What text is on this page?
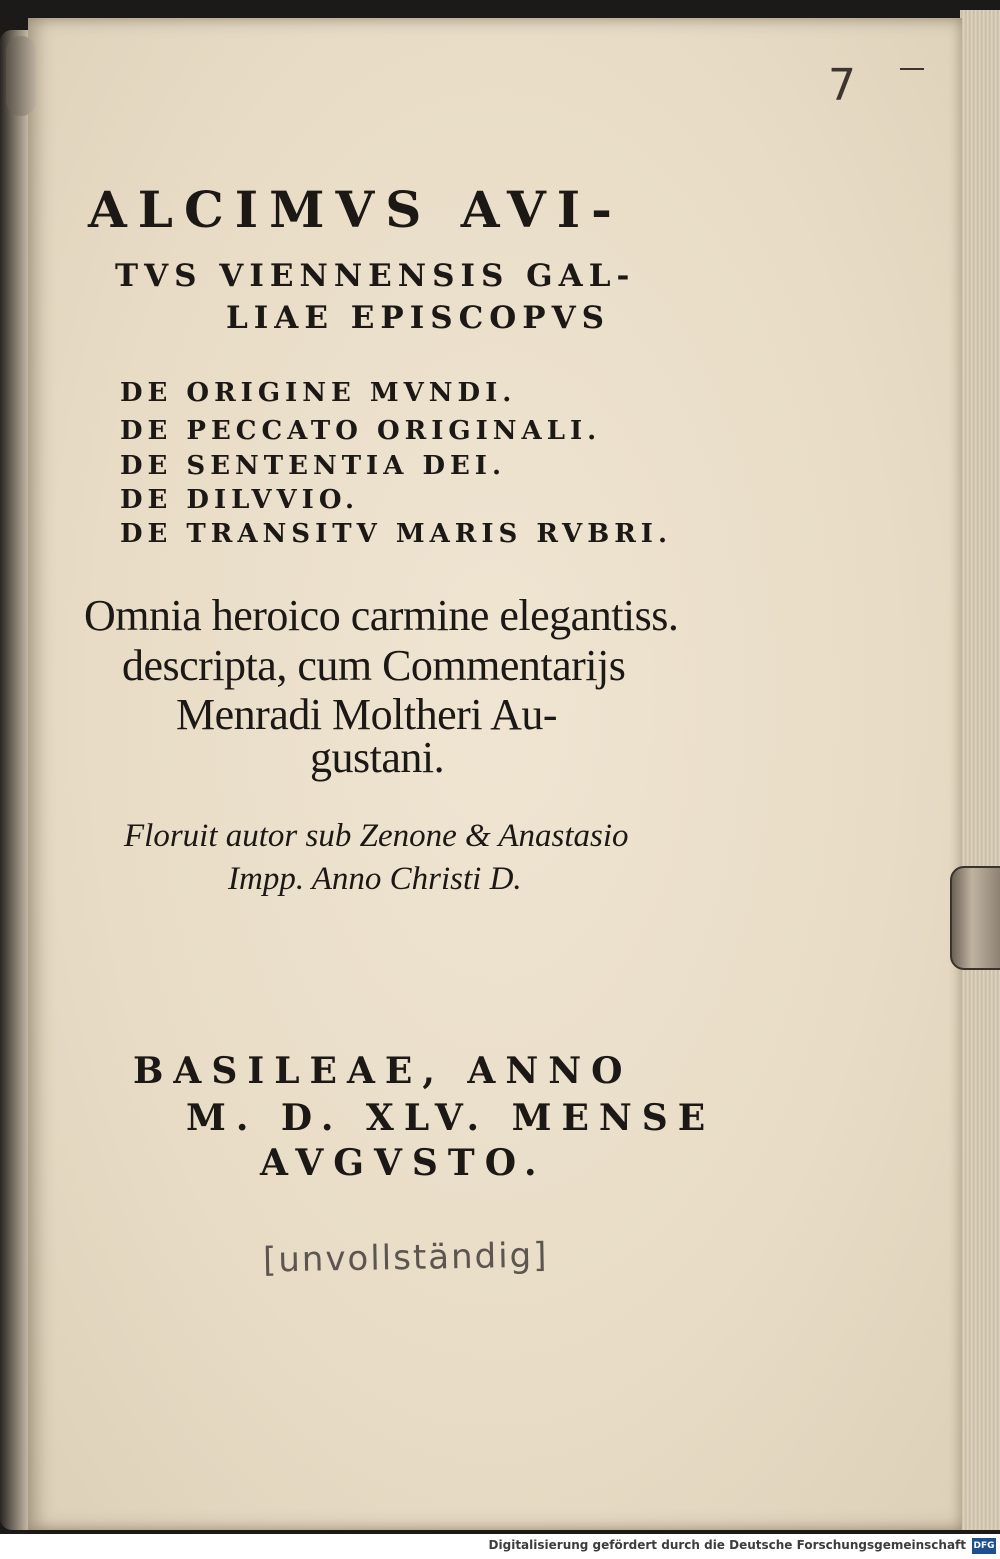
7
ALCIMVS AVI-
TVS VIENNENSIS GAL-
LIAE EPISCOPVS
DE ORIGINE MVNDI.
DE PECCATO ORIGINALI.
DE SENTENTIA DEI.
DE DILVVIO.
DE TRANSITV MARIS RVBRI.
Omnia heroico carmine elegantiss.
descripta, cum Commentarijs
Menradi Moltheri Au-
gustani.
Floruit autor sub Zenone & Anastasio
Impp. Anno Christi D.
BASILEAE, ANNO
M. D. XLV. MENSE
AVGVSTO.
[unvollständig]
Digitalisierung gefördert durch die Deutsche Forschungsgemeinschaft DFG
